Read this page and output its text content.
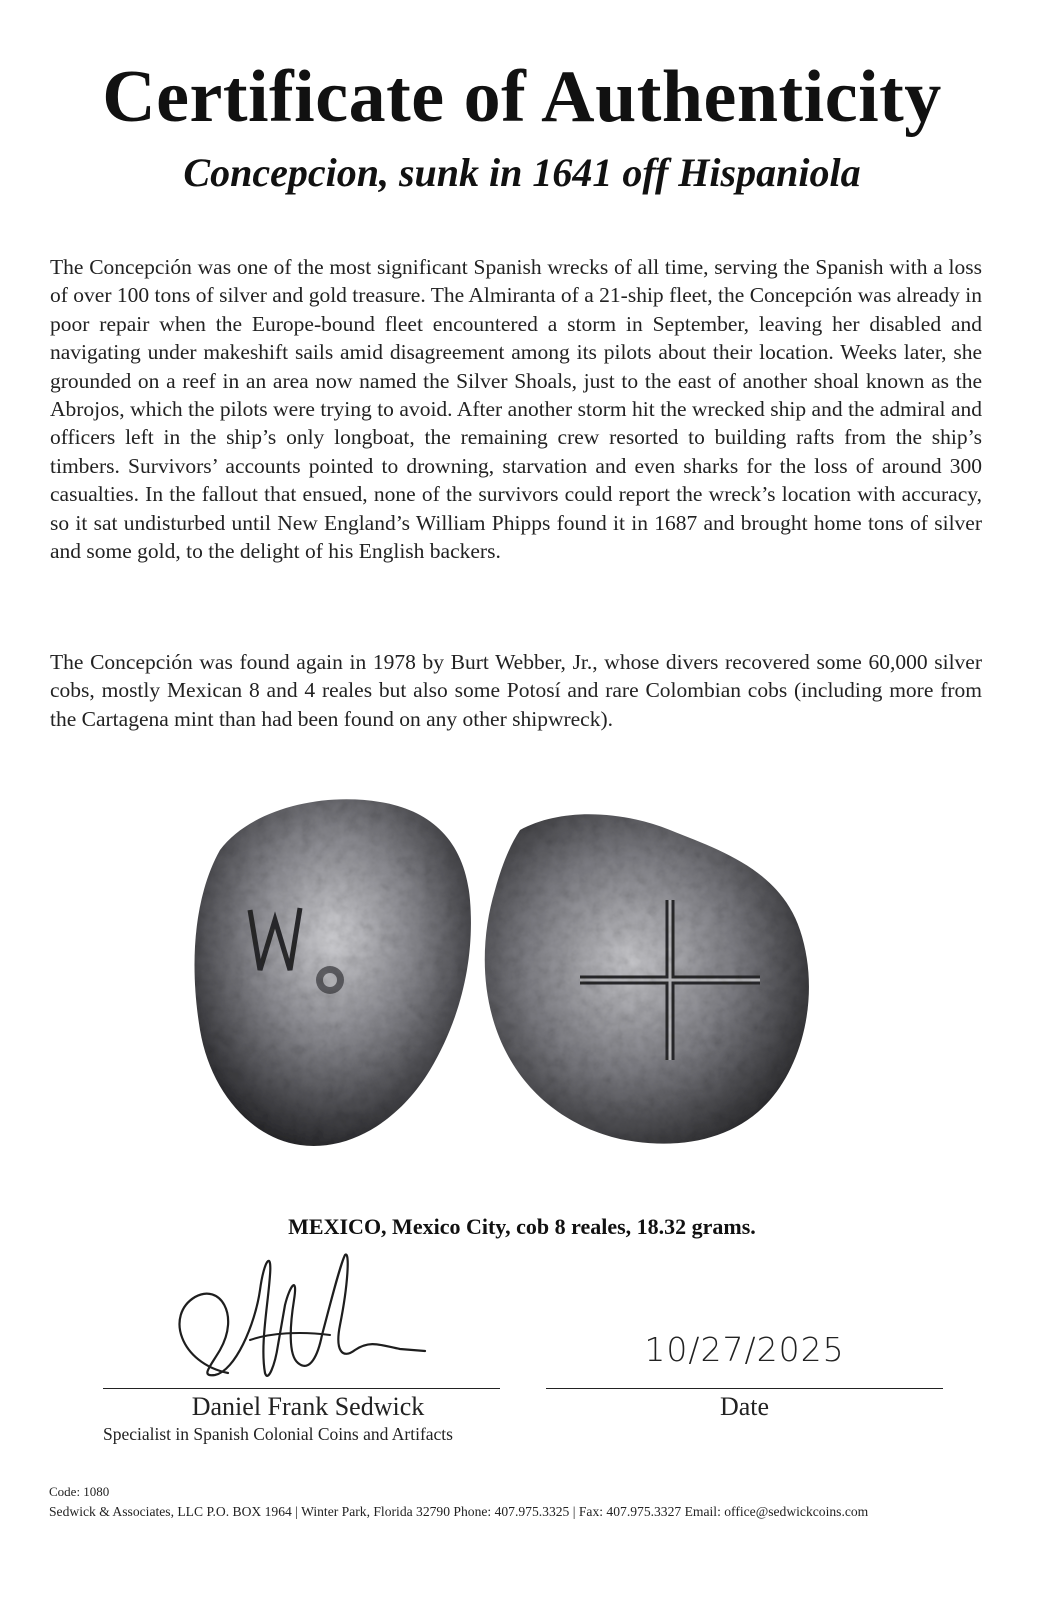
Certificate of Authenticity
Concepcion, sunk in 1641 off Hispaniola

The Concepción was one of the most significant Spanish wrecks of all time, serving the Spanish with a loss of over 100 tons of silver and gold treasure. The Almiranta of a 21-ship fleet, the Concepción was already in poor repair when the Europe-bound fleet encountered a storm in September, leaving her disabled and navigating under makeshift sails amid disagreement among its pilots about their location. Weeks later, she grounded on a reef in an area now named the Silver Shoals, just to the east of another shoal known as the Abrojos, which the pilots were trying to avoid. After another storm hit the wrecked ship and the admiral and officers left in the ship’s only longboat, the remaining crew resorted to building rafts from the ship’s timbers. Survivors’ accounts pointed to drowning, starvation and even sharks for the loss of around 300 casualties. In the fallout that ensued, none of the survivors could report the wreck’s location with accuracy, so it sat undisturbed until New England’s William Phipps found it in 1687 and brought home tons of silver and some gold, to the delight of his English backers.

The Concepción was found again in 1978 by Burt Webber, Jr., whose divers recovered some 60,000 silver cobs, mostly Mexican 8 and 4 reales but also some Potosí and rare Colombian cobs (including more from the Cartagena mint than had been found on any other shipwreck).

MEXICO, Mexico City, cob 8 reales, 18.32 grams.
10/27/2025
Daniel Frank Sedwick	Date
Specialist in Spanish Colonial Coins and Artifacts
Code: 1080
Sedwick & Associates, LLC P.O. BOX 1964 | Winter Park, Florida 32790 Phone: 407.975.3325 | Fax: 407.975.3327 Email: office@sedwickcoins.com
